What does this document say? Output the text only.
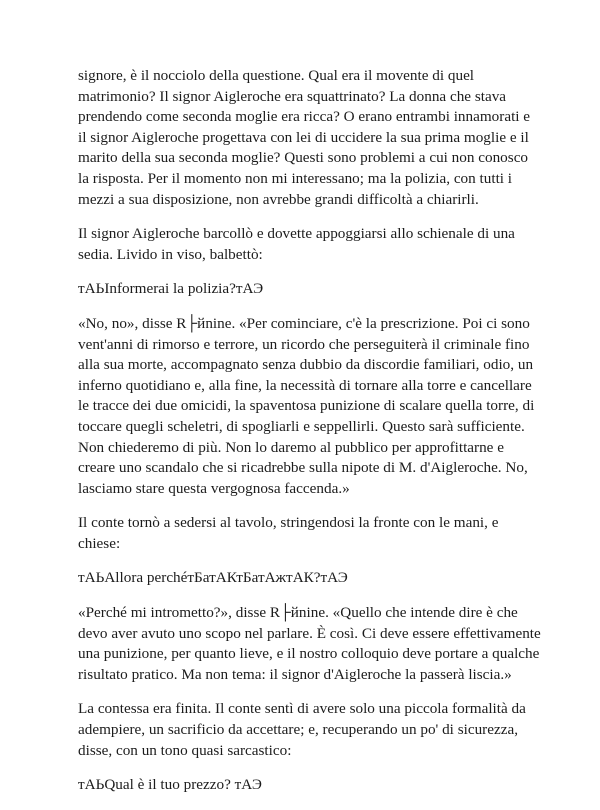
signore, è il nocciolo della questione. Qual era il movente di quel
matrimonio? Il signor Aigleroche era squattrinato? La donna che stava
prendendo come seconda moglie era ricca? O erano entrambi innamorati e
il signor Aigleroche progettava con lei di uccidere la sua prima moglie e il
marito della sua seconda moglie? Questi sono problemi a cui non conosco
la risposta. Per il momento non mi interessano; ma la polizia, con tutti i
mezzi a sua disposizione, non avrebbe grandi difficoltà a chiarirli.

Il signor Aigleroche barcollò e dovette appoggiarsi allo schienale di una
sedia. Livido in viso, balbettò:

тАЬInformerai la polizia?тАЭ

«No, no», disse R├йnine. «Per cominciare, c'è la prescrizione. Poi ci sono
vent'anni di rimorso e terrore, un ricordo che perseguiterà il criminale fino
alla sua morte, accompagnato senza dubbio da discordie familiari, odio, un
inferno quotidiano e, alla fine, la necessità di tornare alla torre e cancellare
le tracce dei due omicidi, la spaventosa punizione di scalare quella torre, di
toccare quegli scheletri, di spogliarli e seppellirli. Questo sarà sufficiente.
Non chiederemo di più. Non lo daremo al pubblico per approfittarne e
creare uno scandalo che si ricadrebbe sulla nipote di M. d'Aigleroche. No,
lasciamo stare questa vergognosa faccenda.»

Il conte tornò a sedersi al tavolo, stringendosi la fronte con le mani, e
chiese:

тАЬAllora perchéтБатАКтБатАжтАК?тАЭ

«Perché mi intrometto?», disse R├йnine. «Quello che intende dire è che
devo aver avuto uno scopo nel parlare. È così. Ci deve essere effettivamente
una punizione, per quanto lieve, e il nostro colloquio deve portare a qualche
risultato pratico. Ma non tema: il signor d'Aigleroche la passerà liscia.»

La contessa era finita. Il conte sentì di avere solo una piccola formalità da
adempiere, un sacrificio da accettare; e, recuperando un po' di sicurezza,
disse, con un tono quasi sarcastico:

тАЬQual è il tuo prezzo? тАЭ
